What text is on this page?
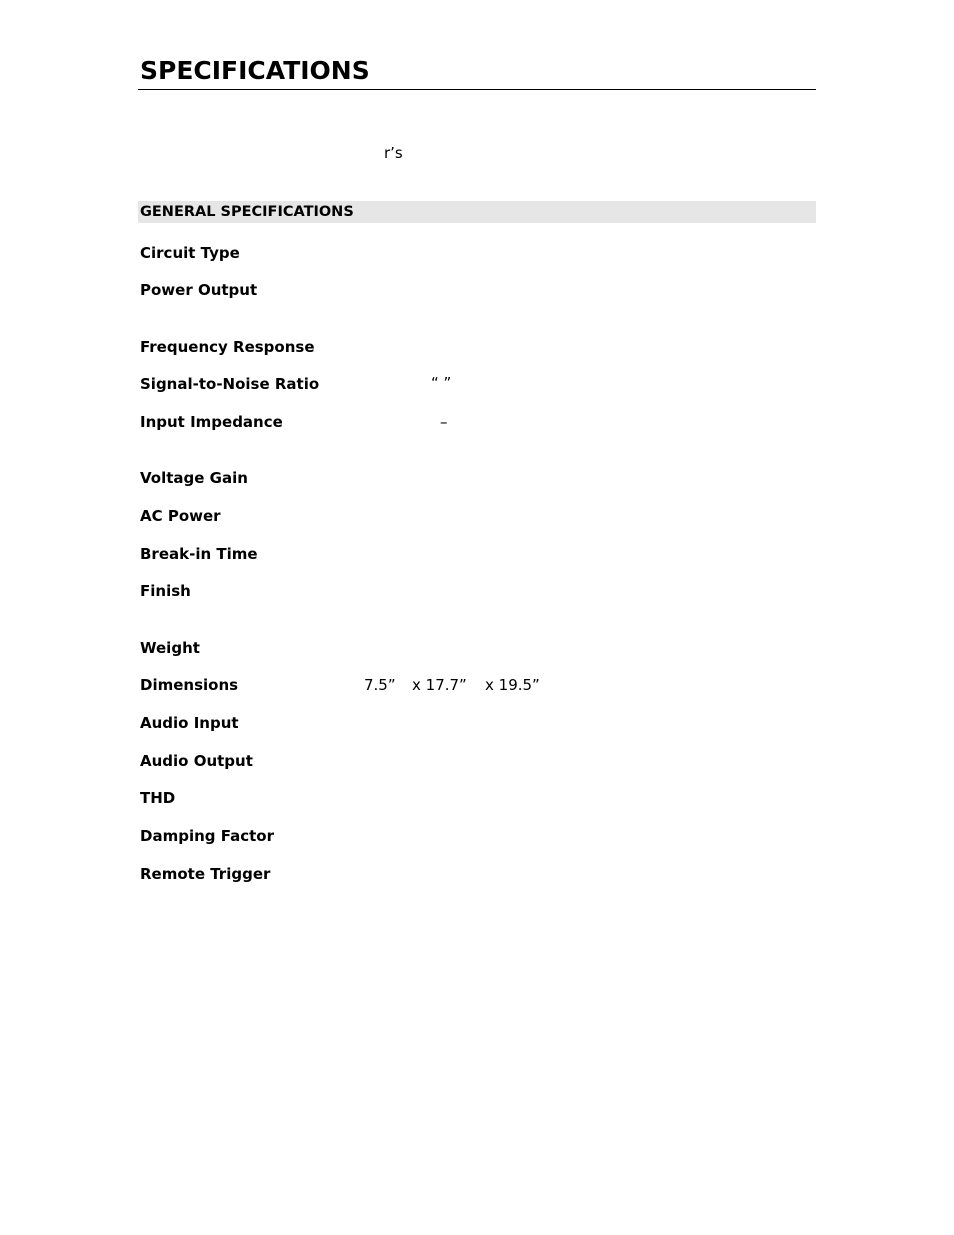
SPECIFICATIONS
r’s
GENERAL SPECIFICATIONS
Circuit Type
Power Output
Frequency Response
Signal-to-Noise Ratio	“ ”
Input Impedance	–
Voltage Gain
AC Power
Break-in Time
Finish
Weight
Dimensions	7.5” x 17.7” x 19.5”
Audio Input
Audio Output
THD
Damping Factor
Remote Trigger
